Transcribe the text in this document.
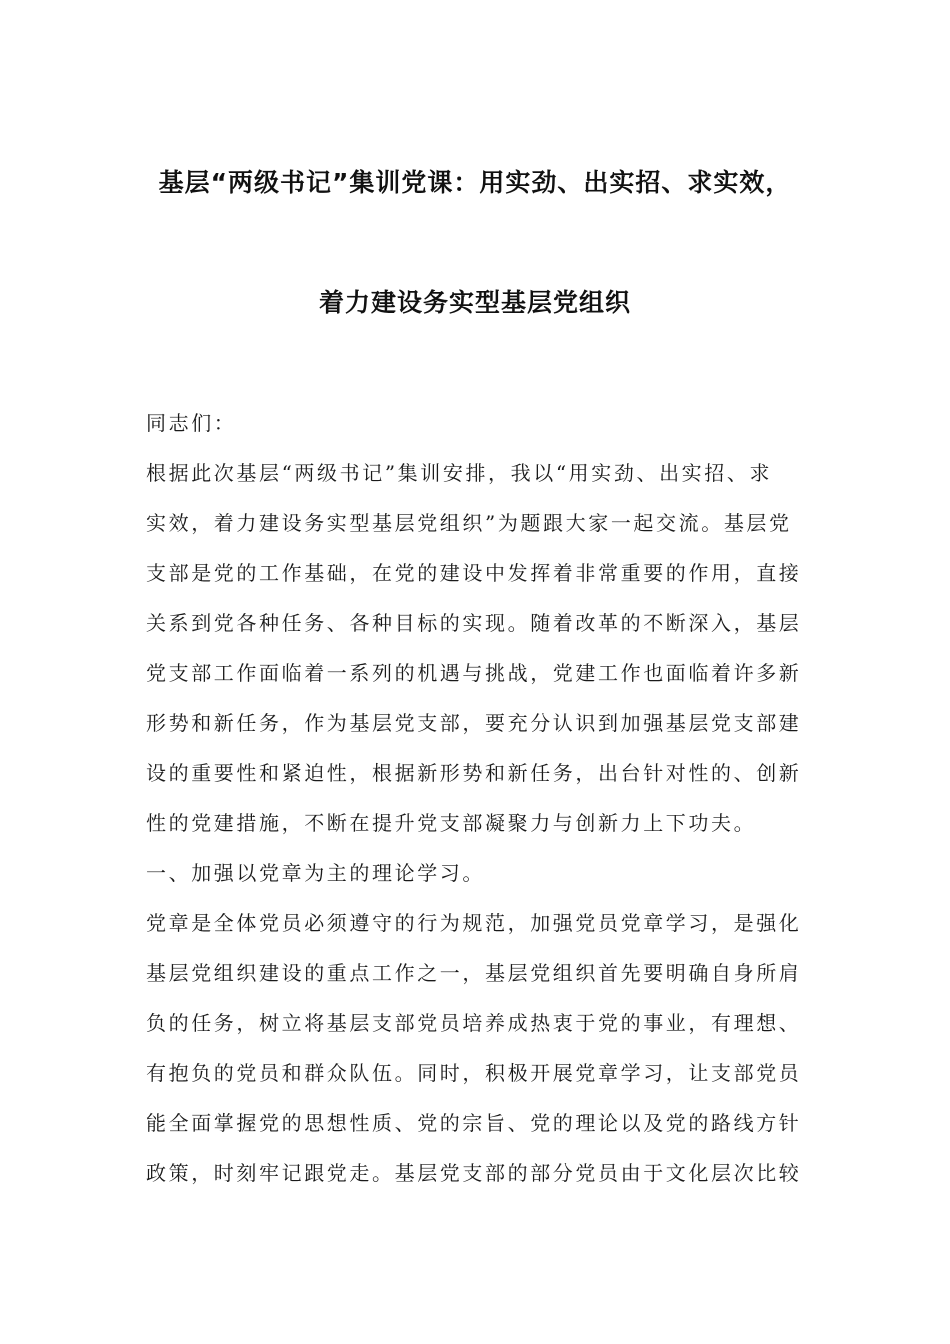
基层“两级书记”集训党课：用实劲、出实招、求实效，
着力建设务实型基层党组织
同志们：
根据此次基层“两级书记”集训安排，我以“用实劲、出实招、求
实效，着力建设务实型基层党组织”为题跟大家一起交流。基层党
支部是党的工作基础，在党的建设中发挥着非常重要的作用，直接
关系到党各种任务、各种目标的实现。随着改革的不断深入，基层
党支部工作面临着一系列的机遇与挑战，党建工作也面临着许多新
形势和新任务，作为基层党支部，要充分认识到加强基层党支部建
设的重要性和紧迫性，根据新形势和新任务，出台针对性的、创新
性的党建措施，不断在提升党支部凝聚力与创新力上下功夫。
一、加强以党章为主的理论学习。
党章是全体党员必须遵守的行为规范，加强党员党章学习，是强化
基层党组织建设的重点工作之一，基层党组织首先要明确自身所肩
负的任务，树立将基层支部党员培养成热衷于党的事业，有理想、
有抱负的党员和群众队伍。同时，积极开展党章学习，让支部党员
能全面掌握党的思想性质、党的宗旨、党的理论以及党的路线方针
政策，时刻牢记跟党走。基层党支部的部分党员由于文化层次比较
